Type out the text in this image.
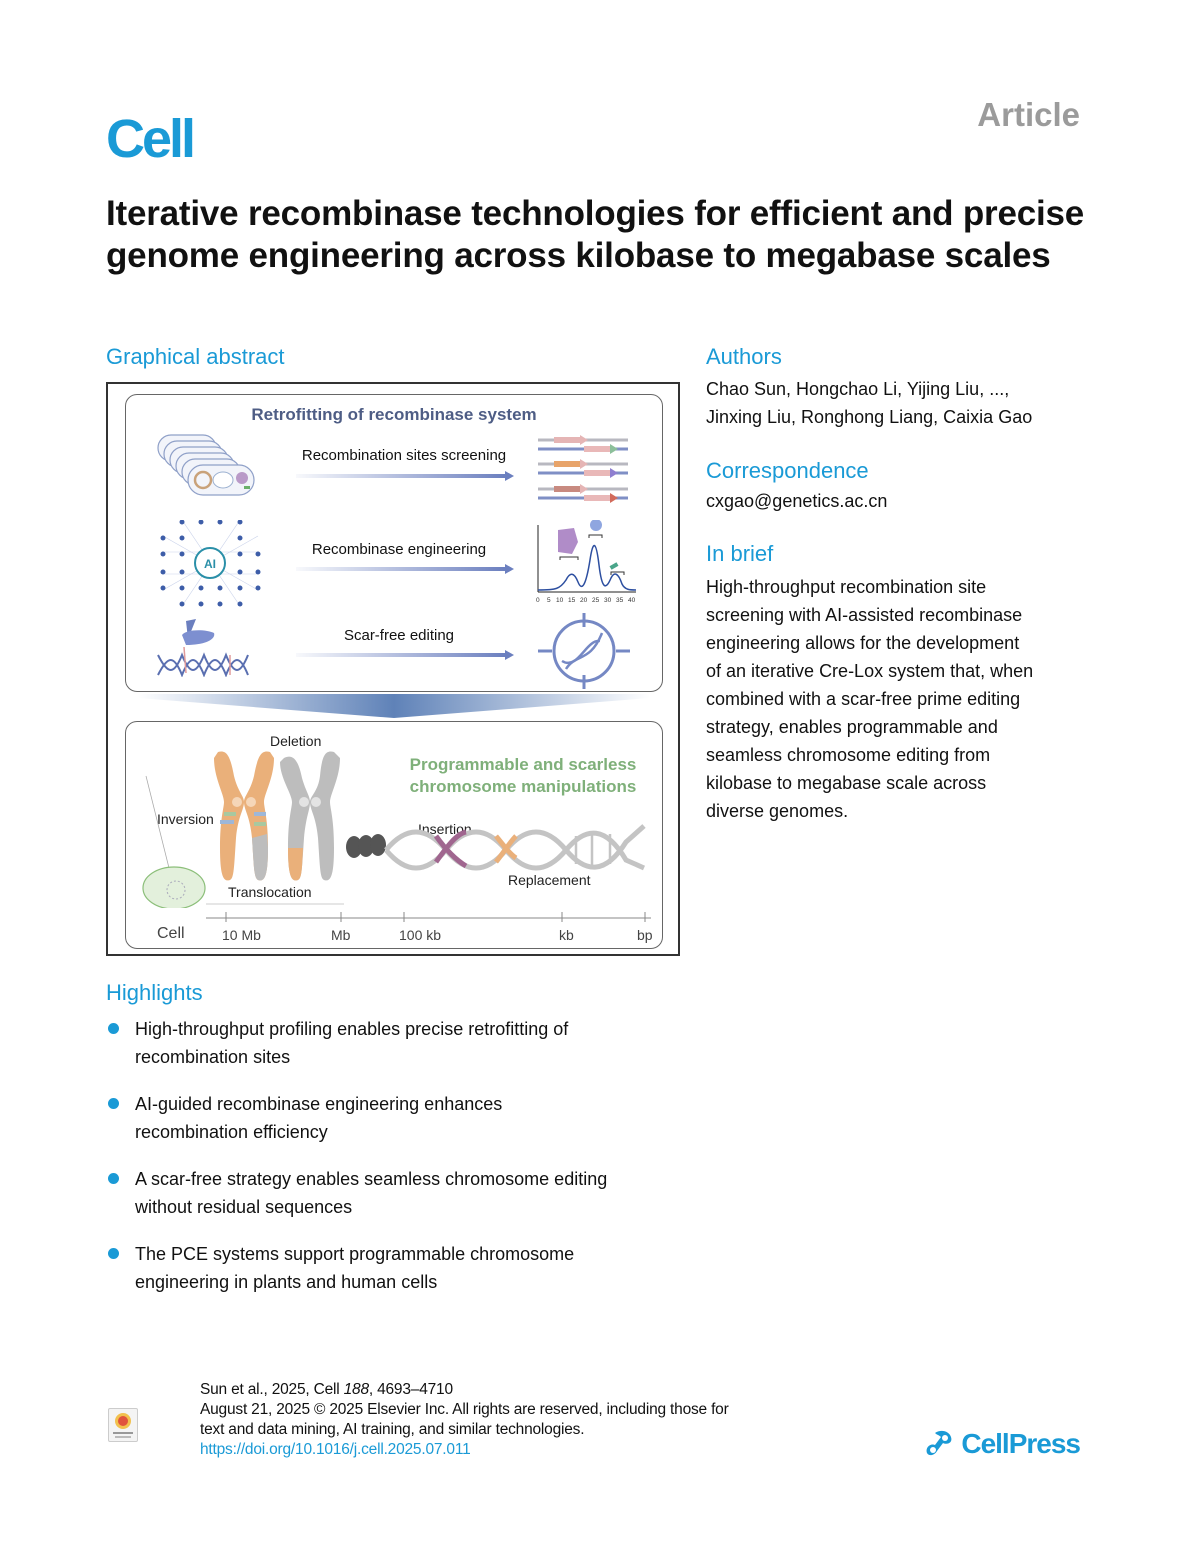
Cell	Article
Iterative recombinase technologies for efficient and precise genome engineering across kilobase to megabase scales
Graphical abstract
Retrofitting of recombinase system
Recombination sites screening
AI
Recombinase engineering
0 5 10 15 20 25 30 35 40
Scar-free editing
Programmable and scarless
chromosome manipulations
Deletion
Inversion
Translocation
Insertion
Replacement
Cell	10 Mb	Mb	100 kb	kb	bp
Authors
Chao Sun, Hongchao Li, Yijing Liu, ...,
Jinxing Liu, Ronghong Liang, Caixia Gao
Correspondence
cxgao@genetics.ac.cn
In brief
High-throughput recombination site
screening with AI-assisted recombinase
engineering allows for the development
of an iterative Cre-Lox system that, when
combined with a scar-free prime editing
strategy, enables programmable and
seamless chromosome editing from
kilobase to megabase scale across
diverse genomes.
Highlights
High-throughput profiling enables precise retrofitting of
recombination sites
AI-guided recombinase engineering enhances
recombination efficiency
A scar-free strategy enables seamless chromosome editing
without residual sequences
The PCE systems support programmable chromosome
engineering in plants and human cells
Sun et al., 2025, Cell 188, 4693–4710
August 21, 2025 © 2025 Elsevier Inc. All rights are reserved, including those for
text and data mining, AI training, and similar technologies.
https://doi.org/10.1016/j.cell.2025.07.011	CellPress
